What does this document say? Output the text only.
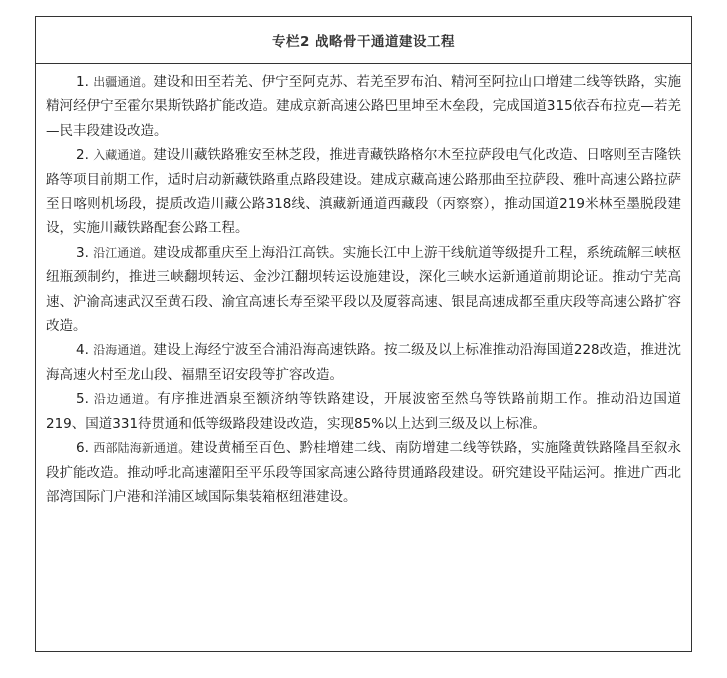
专栏2 战略骨干通道建设工程

1. 出疆通道。建设和田至若羌、伊宁至阿克苏、若羌至罗布泊、精河至阿拉山口增建二线等铁路，实施精河经伊宁至霍尔果斯铁路扩能改造。建成京新高速公路巴里坤至木垒段，完成国道315依吞布拉克—若羌—民丰段建设改造。

2. 入藏通道。建设川藏铁路雅安至林芝段，推进青藏铁路格尔木至拉萨段电气化改造、日喀则至吉隆铁路等项目前期工作，适时启动新藏铁路重点路段建设。建成京藏高速公路那曲至拉萨段、雅叶高速公路拉萨至日喀则机场段，提质改造川藏公路318线、滇藏新通道西藏段（丙察察），推动国道219米林至墨脱段建设，实施川藏铁路配套公路工程。

3. 沿江通道。建设成都重庆至上海沿江高铁。实施长江中上游干线航道等级提升工程，系统疏解三峡枢纽瓶颈制约，推进三峡翻坝转运、金沙江翻坝转运设施建设，深化三峡水运新通道前期论证。推动宁芜高速、沪渝高速武汉至黄石段、渝宜高速长寿至梁平段以及厦蓉高速、银昆高速成都至重庆段等高速公路扩容改造。

4. 沿海通道。建设上海经宁波至合浦沿海高速铁路。按二级及以上标准推动沿海国道228改造，推进沈海高速火村至龙山段、福鼎至诏安段等扩容改造。

5. 沿边通道。有序推进酒泉至额济纳等铁路建设，开展波密至然乌等铁路前期工作。推动沿边国道219、国道331待贯通和低等级路段建设改造，实现85%以上达到三级及以上标准。

6. 西部陆海新通道。建设黄桶至百色、黔桂增建二线、南防增建二线等铁路，实施隆黄铁路隆昌至叙永段扩能改造。推动呼北高速灌阳至平乐段等国家高速公路待贯通路段建设。研究建设平陆运河。推进广西北部湾国际门户港和洋浦区域国际集装箱枢纽港建设。
